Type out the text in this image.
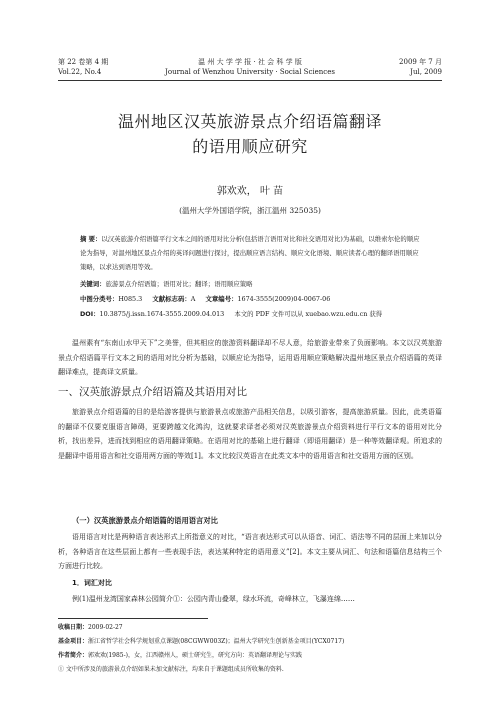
第 22 卷第 4 期
Vol.22, No.4
温 州 大 学 学 报 · 社 会 科 学 版
Journal of Wenzhou University · Social Sciences
2009 年 7 月
Jul, 2009
温州地区汉英旅游景点介绍语篇翻译
的语用顺应研究
郭欢欢， 叶 苗
(温州大学外国语学院，浙江温州 325035)
摘 要：以汉英旅游介绍语篇平行文本之间的语用对比分析(包括语言语用对比和社交语用对比)为基础，以维索尔伦的顺应论为指导，对温州地区景点介绍的英译问题进行探讨，提出顺应语言结构、顺应文化语境、顺应读者心理的翻译语用顺应策略，以求达到语用等效。
关键词：旅游景点介绍语篇；语用对比；翻译；语用顺应策略
中图分类号：H085.3 文献标志码：A 文章编号：1674-3555(2009)04-0067-06
DOI：10.3875/j.issn.1674-3555.2009.04.013 本文的 PDF 文件可以从 xuebao.wzu.edu.cn 获得
温州素有“东南山水甲天下”之美誉，但其相应的旅游资料翻译却不尽人意，给旅游业带来了负面影响。本文以汉英旅游景点介绍语篇平行文本之间的语用对比分析为基础，以顺应论为指导，运用语用顺应策略解决温州地区景点介绍语篇的英译翻译难点，提高译文质量。
一、汉英旅游景点介绍语篇及其语用对比
旅游景点介绍语篇的目的是给游客提供与旅游景点或旅游产品相关信息，以吸引游客，提高旅游质量。因此，此类语篇的翻译不仅要克服语言障碍，更要跨越文化鸿沟，这就要求译者必须对汉英旅游景点介绍资料进行平行文本的语用对比分析，找出差异，进而找到相应的语用翻译策略。在语用对比的基础上进行翻译（即语用翻译）是一种等效翻译观。所追求的是翻译中语用语言和社交语用两方面的等效[1]。本文比较汉英语言在此类文本中的语用语言和社交语用方面的区别。
（一）汉英旅游景点介绍语篇的语用语言对比
语用语言对比是两种语言表达形式上所指意义的对比，“语言表达形式可以从语音、词汇、语法等不同的层面上来加以分析，各种语言在这些层面上都有一些表现手法，表达某种特定的语用意义”[2]。本文主要从词汇、句法和语篇信息结构三个方面进行比较。
1．词汇对比
例(1)温州龙湾国家森林公园简介①：公园内青山叠翠，绿水环流，奇峰林立，飞瀑连绵……
收稿日期：2009-02-27
基金项目：浙江省哲学社会科学规划重点课题(08CGWW003Z)；温州大学研究生创新基金项目(YCX0717)
作者简介：郭欢欢(1985-)，女，江西赣州人，硕士研究生，研究方向：英语翻译理论与实践
① 文中所涉及的旅游景点介绍如果未加文献标注，均来自于课题组成员所收集的资料.
